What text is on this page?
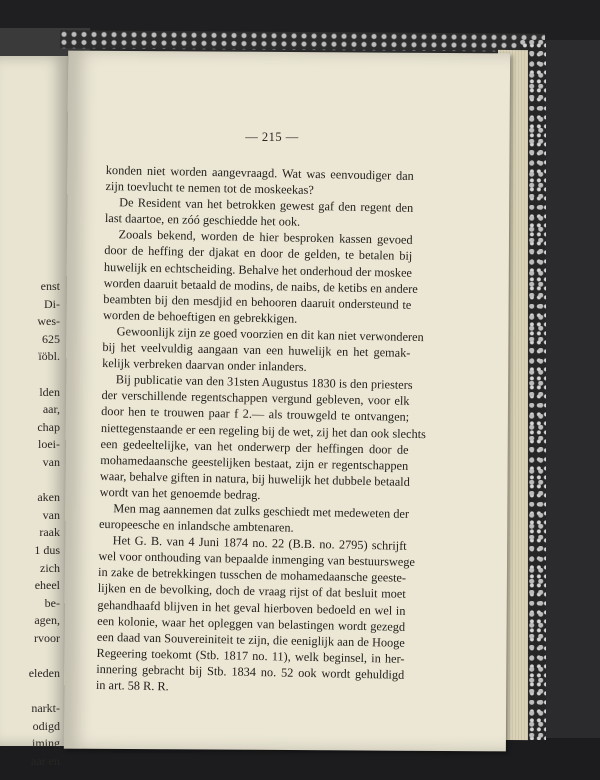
enst
Di-
wes-
625
ïöbl.

lden
aar,
chap
loei-
van

aken
van
raak
1 dus
zich
eheel
be-
agen,
rvoor

eleden

narkt-
odigd
iming
aar en
— 215 —
konden niet worden aangevraagd. Wat was eenvoudiger dan
zijn toevlucht te nemen tot de moskeekas?
De Resident van het betrokken gewest gaf den regent den
last daartoe, en zóó geschiedde het ook.
Zooals bekend, worden de hier besproken kassen gevoed
door de heffing der djakat en door de gelden, te betalen bij
huwelijk en echtscheiding. Behalve het onderhoud der moskee
worden daaruit betaald de modins, de naibs, de ketibs en andere
beambten bij den mesdjid en behooren daaruit ondersteund te
worden de behoeftigen en gebrekkigen.
Gewoonlijk zijn ze goed voorzien en dit kan niet verwonderen
bij het veelvuldig aangaan van een huwelijk en het gemak-
kelijk verbreken daarvan onder inlanders.
Bij publicatie van den 31sten Augustus 1830 is den priesters
der verschillende regentschappen vergund gebleven, voor elk
door hen te trouwen paar f 2.— als trouwgeld te ontvangen;
niettegenstaande er een regeling bij de wet, zij het dan ook slechts
een gedeeltelijke, van het onderwerp der heffingen door de
mohamedaansche geestelijken bestaat, zijn er regentschappen
waar, behalve giften in natura, bij huwelijk het dubbele betaald
wordt van het genoemde bedrag.
Men mag aannemen dat zulks geschiedt met medeweten der
europeesche en inlandsche ambtenaren.
Het G. B. van 4 Juni 1874 no. 22 (B.B. no. 2795) schrijft
wel voor onthouding van bepaalde inmenging van bestuurswege
in zake de betrekkingen tusschen de mohamedaansche geeste-
lijken en de bevolking, doch de vraag rijst of dat besluit moet
gehandhaafd blijven in het geval hierboven bedoeld en wel in
een kolonie, waar het opleggen van belastingen wordt gezegd
een daad van Souvereiniteit te zijn, die eeniglijk aan de Hooge
Regeering toekomt (Stb. 1817 no. 11), welk beginsel, in her-
innering gebracht bij Stb. 1834 no. 52 ook wordt gehuldigd
in art. 58 R. R.
